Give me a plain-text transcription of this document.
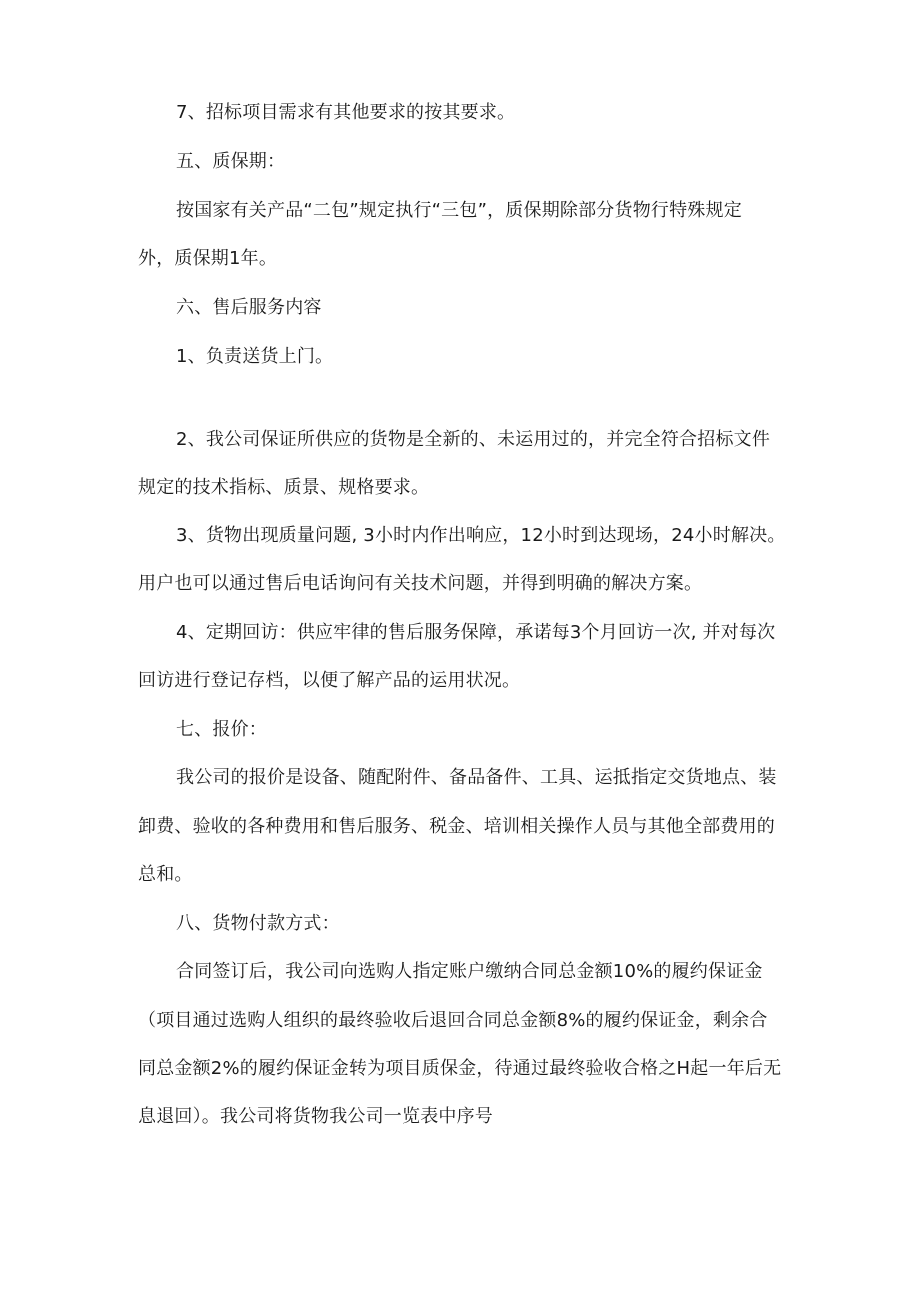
7、招标项目需求有其他要求的按其要求。
五、质保期：
按国家有关产品“二包”规定执行“三包”，质保期除部分货物行特殊规定
外，质保期1年。
六、售后服务内容
1、负责送货上门。
2、我公司保证所供应的货物是全新的、未运用过的，并完全符合招标文件
规定的技术指标、质景、规格要求。
3、货物出现质量问题, 3小时内作出响应，12小时到达现场，24小时解决。
用户也可以通过售后电话询问有关技术问题，并得到明确的解决方案。
4、定期回访：供应牢律的售后服务保障，承诺每3个月回访一次, 并对每次
回访进行登记存档，以便了解产品的运用状况。
七、报价：
我公司的报价是设备、随配附件、备品备件、工具、运抵指定交货地点、装
卸费、验收的各种费用和售后服务、税金、培训相关操作人员与其他全部费用的
总和。
八、货物付款方式：
合同签订后，我公司向选购人指定账户缴纳合同总金额10%的履约保证金
（项目通过选购人组织的最终验收后退回合同总金额8%的履约保证金，剩余合
同总金额2%的履约保证金转为项目质保金，待通过最终验收合格之H起一年后无
息退回）。我公司将货物我公司一览表中序号
